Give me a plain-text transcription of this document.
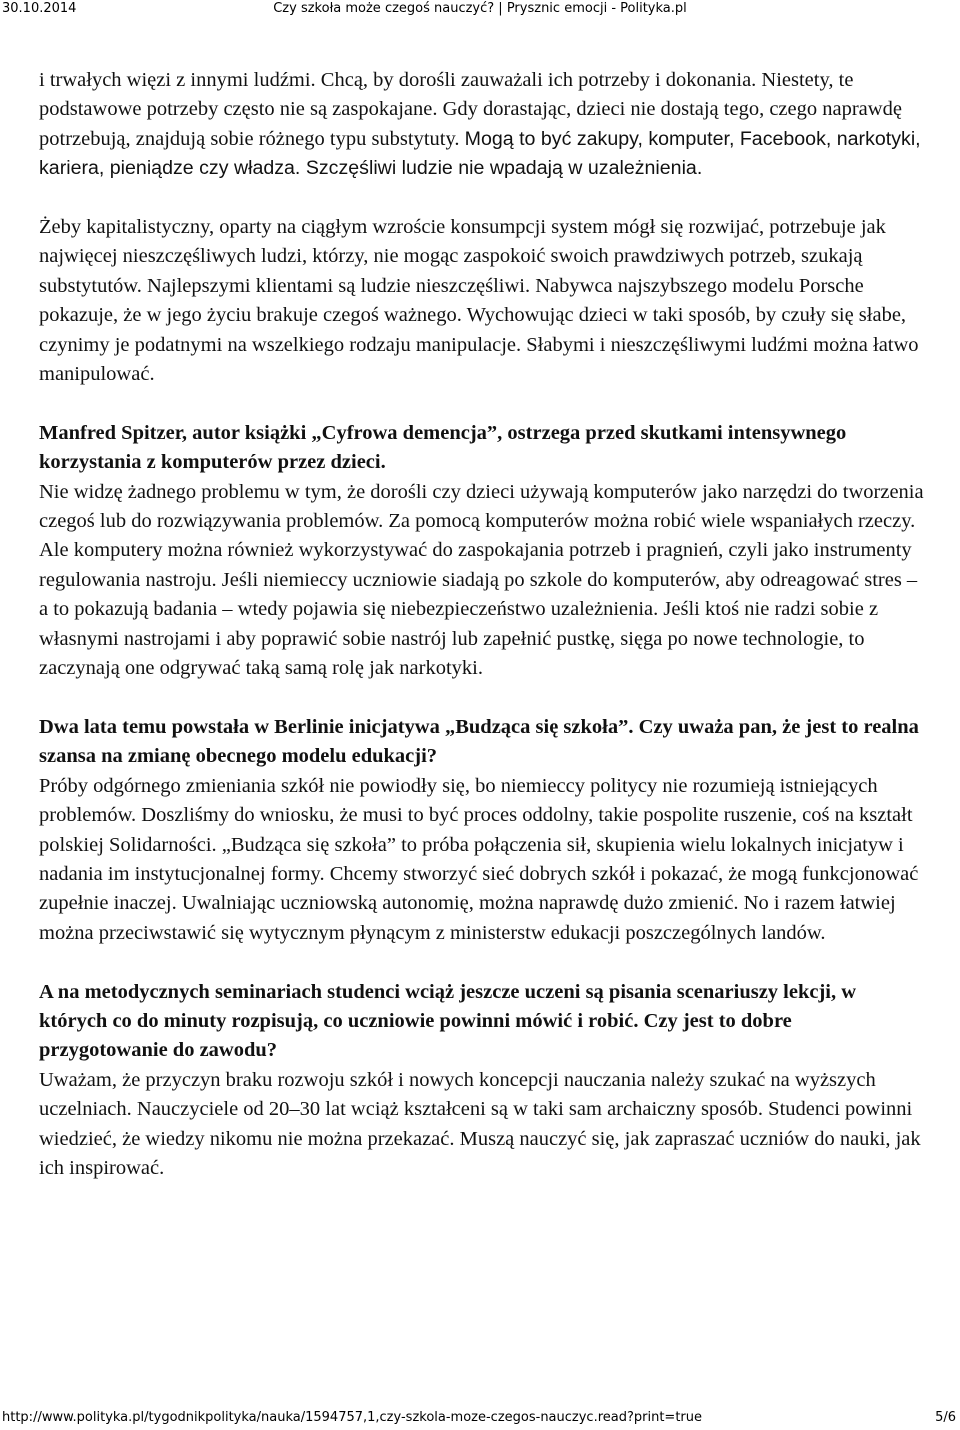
30.10.2014	Czy szkoła może czegoś nauczyć? | Prysznic emocji - Polityka.pl

i trwałych więzi z innymi ludźmi. Chcą, by dorośli zauważali ich potrzeby i dokonania. Niestety, te podstawowe potrzeby często nie są zaspokajane. Gdy dorastając, dzieci nie dostają tego, czego naprawdę potrzebują, znajdują sobie różnego typu substytuty. Mogą to być zakupy, komputer, Facebook, narkotyki, kariera, pieniądze czy władza. Szczęśliwi ludzie nie wpadają w uzależnienia.

Żeby kapitalistyczny, oparty na ciągłym wzroście konsumpcji system mógł się rozwijać, potrzebuje jak najwięcej nieszczęśliwych ludzi, którzy, nie mogąc zaspokoić swoich prawdziwych potrzeb, szukają substytutów. Najlepszymi klientami są ludzie nieszczęśliwi. Nabywca najszybszego modelu Porsche pokazuje, że w jego życiu brakuje czegoś ważnego. Wychowując dzieci w taki sposób, by czuły się słabe, czynimy je podatnymi na wszelkiego rodzaju manipulacje. Słabymi i nieszczęśliwymi ludźmi można łatwo manipulować.

Manfred Spitzer, autor książki „Cyfrowa demencja”, ostrzega przed skutkami intensywnego korzystania z komputerów przez dzieci.

Nie widzę żadnego problemu w tym, że dorośli czy dzieci używają komputerów jako narzędzi do tworzenia czegoś lub do rozwiązywania problemów. Za pomocą komputerów można robić wiele wspaniałych rzeczy. Ale komputery można również wykorzystywać do zaspokajania potrzeb i pragnień, czyli jako instrumenty regulowania nastroju. Jeśli niemieccy uczniowie siadają po szkole do komputerów, aby odreagować stres – a to pokazują badania – wtedy pojawia się niebezpieczeństwo uzależnienia. Jeśli ktoś nie radzi sobie z własnymi nastrojami i aby poprawić sobie nastrój lub zapełnić pustkę, sięga po nowe technologie, to zaczynają one odgrywać taką samą rolę jak narkotyki.

Dwa lata temu powstała w Berlinie inicjatywa „Budząca się szkoła”. Czy uważa pan, że jest to realna szansa na zmianę obecnego modelu edukacji?

Próby odgórnego zmieniania szkół nie powiodły się, bo niemieccy politycy nie rozumieją istniejących problemów. Doszliśmy do wniosku, że musi to być proces oddolny, takie pospolite ruszenie, coś na kształt polskiej Solidarności. „Budząca się szkoła” to próba połączenia sił, skupienia wielu lokalnych inicjatyw i nadania im instytucjonalnej formy. Chcemy stworzyć sieć dobrych szkół i pokazać, że mogą funkcjonować zupełnie inaczej. Uwalniając uczniowską autonomię, można naprawdę dużo zmienić. No i razem łatwiej można przeciwstawić się wytycznym płynącym z ministerstw edukacji poszczególnych landów.

A na metodycznych seminariach studenci wciąż jeszcze uczeni są pisania scenariuszy lekcji, w których co do minuty rozpisują, co uczniowie powinni mówić i robić. Czy jest to dobre przygotowanie do zawodu?

Uważam, że przyczyn braku rozwoju szkół i nowych koncepcji nauczania należy szukać na wyższych uczelniach. Nauczyciele od 20–30 lat wciąż kształceni są w taki sam archaiczny sposób. Studenci powinni wiedzieć, że wiedzy nikomu nie można przekazać. Muszą nauczyć się, jak zapraszać uczniów do nauki, jak ich inspirować.

http://www.polityka.pl/tygodnikpolityka/nauka/1594757,1,czy-szkola-moze-czegos-nauczyc.read?print=true	5/6
